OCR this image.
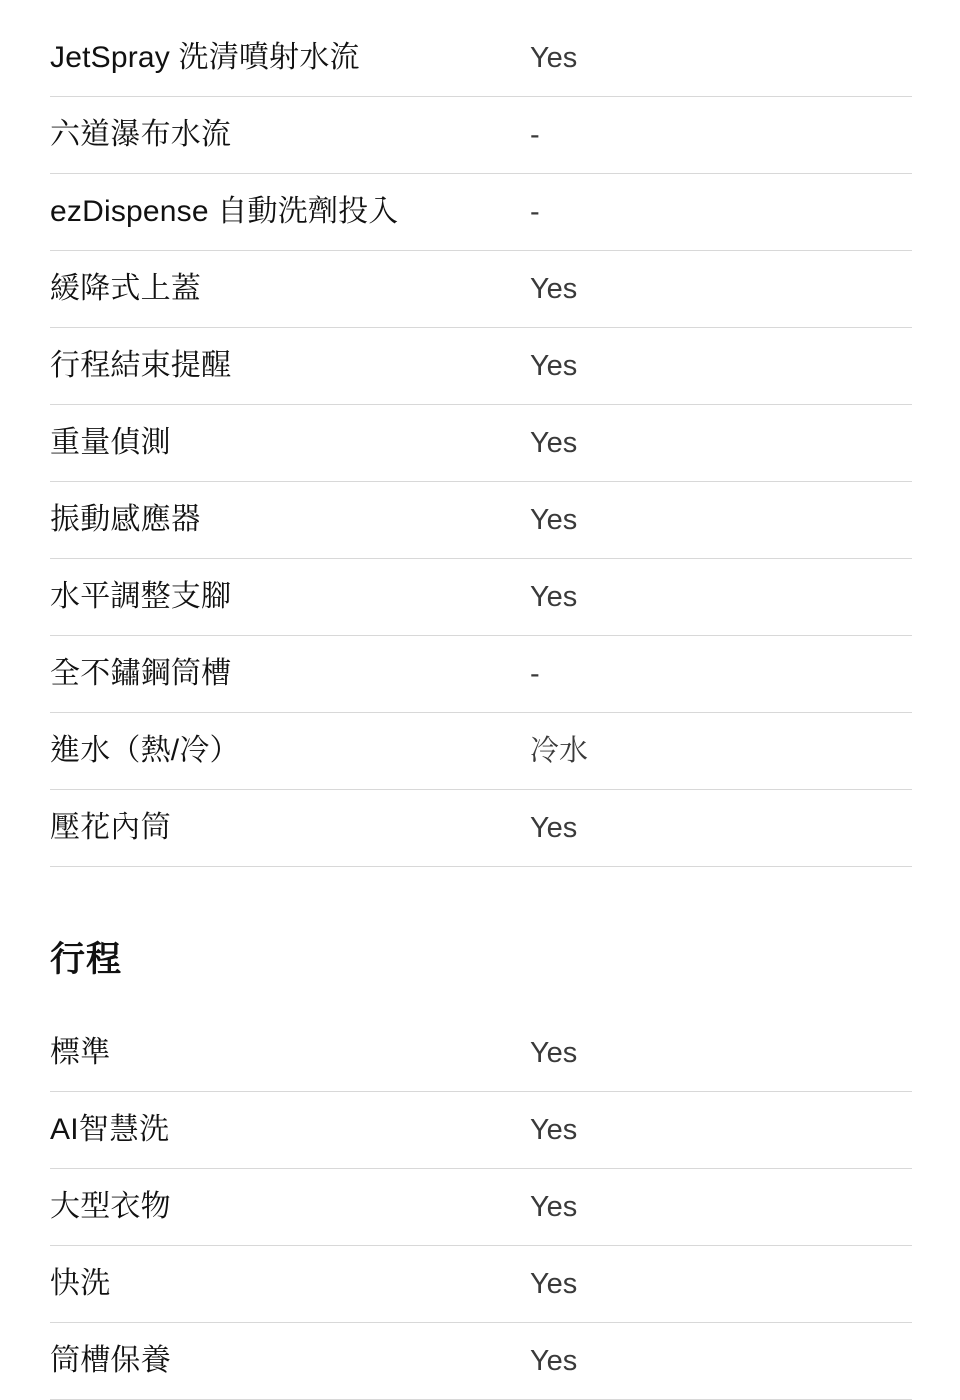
JetSpray 洗清噴射水流	Yes
六道瀑布水流	-
ezDispense 自動洗劑投入	-
緩降式上蓋	Yes
行程結束提醒	Yes
重量偵測	Yes
振動感應器	Yes
水平調整支腳	Yes
全不鏽鋼筒槽	-
進水（熱/冷）	冷水
壓花內筒	Yes
行程
標準	Yes
AI智慧洗	Yes
大型衣物	Yes
快洗	Yes
筒槽保養	Yes
